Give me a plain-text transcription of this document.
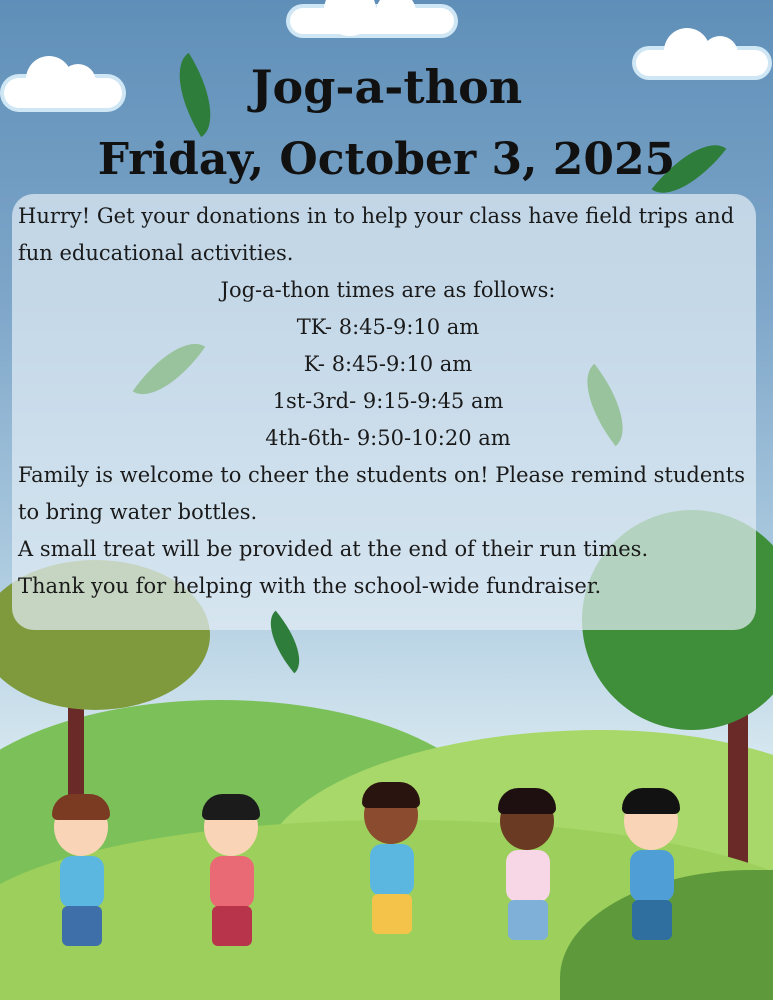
Jog-a-thon
Friday, October 3, 2025

Hurry! Get your donations in to help your class have field trips and fun educational activities.

Jog-a-thon times are as follows:

TK- 8:45-9:10 am

K- 8:45-9:10 am

1st-3rd- 9:15-9:45 am

4th-6th- 9:50-10:20 am

Family is welcome to cheer the students on! Please remind students to bring water bottles.

A small treat will be provided at the end of their run times.

Thank you for helping with the school-wide fundraiser.
